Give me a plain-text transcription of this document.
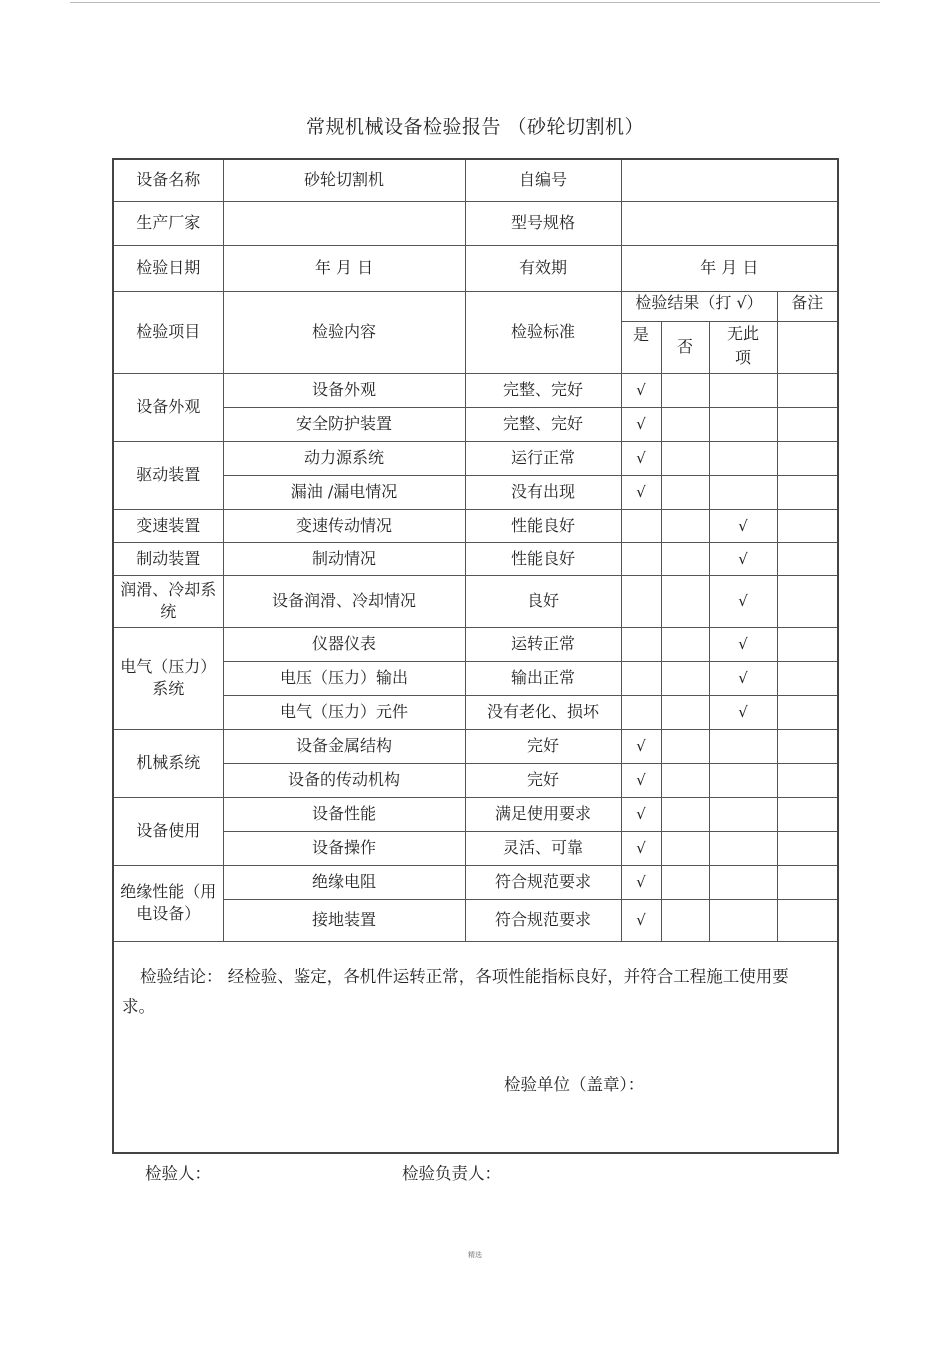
常规机械设备检验报告 （砂轮切割机）
设备名称	砂轮切割机	自编号				
生产厂家		型号规格				
检验日期	年 月 日	有效期	年 月 日			
检验项目	检验内容	检验标准	检验结果（打 √）			备注
			是	否	无此
项	
设备外观	设备外观	完整、完好	√			
	安全防护装置	完整、完好	√			
驱动装置	动力源系统	运行正常	√			
	漏油 /漏电情况	没有出现	√			
变速装置	变速传动情况	性能良好			√	
制动装置	制动情况	性能良好			√	
润滑、冷却系统	设备润滑、冷却情况	良好			√	
电气（压力）系统	仪器仪表	运转正常			√	
	电压（压力）输出	输出正常			√	
	电气（压力）元件	没有老化、损坏			√	
机械系统	设备金属结构	完好	√			
	设备的传动机构	完好	√			
设备使用	设备性能	满足使用要求	√			
	设备操作	灵活、可靠	√			
绝缘性能（用电设备）	绝缘电阻	符合规范要求	√			
	接地装置	符合规范要求	√			

检验结论： 经检验、鉴定，各机件运转正常，各项性能指标良好，并符合工程施工使用要求。
检验单位（盖章）：						
检验人：	检验负责人：
精选
